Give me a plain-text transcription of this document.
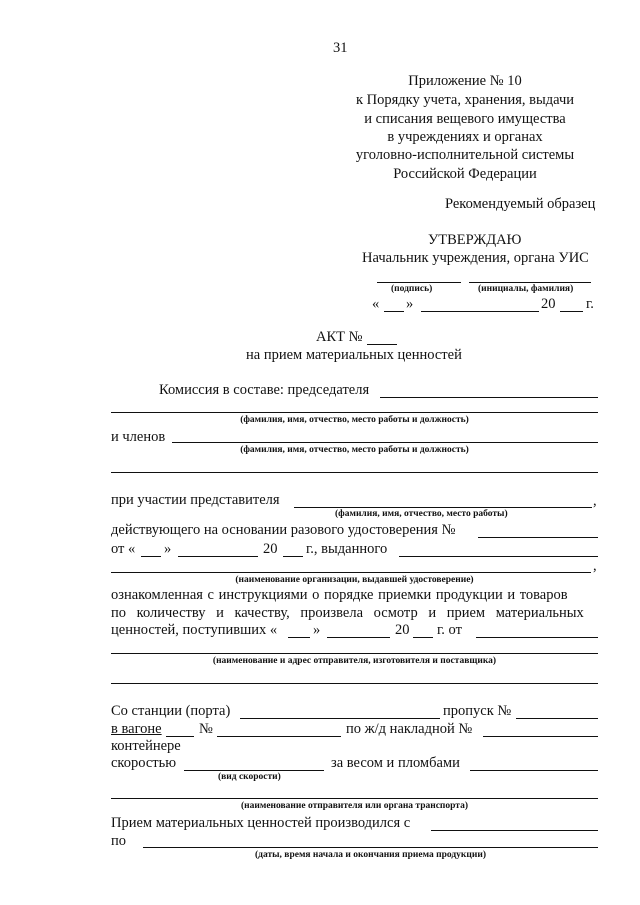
31
Приложение № 10
к Порядку учета, хранения, выдачи
и списания вещевого имущества
в учреждениях и органах
уголовно-исполнительной системы
Российской Федерации
Рекомендуемый образец
УТВЕРЖДАЮ
Начальник учреждения, органа УИС
(подпись)	(инициалы, фамилия)
« »	20 г.
АКТ №
на прием материальных ценностей
Комиссия в составе: председателя
(фамилия, имя, отчество, место работы и должность)
и членов
(фамилия, имя, отчество, место работы и должность)
при участии представителя	,
(фамилия, имя, отчество, место работы)
действующего на основании разового удостоверения №
от « »	20 г., выданного
,
(наименование организации, выдавшей удостоверение)
ознакомленная с инструкциями о порядке приемки продукции и товаров
по количеству и качеству, произвела осмотр и прием материальных
ценностей, поступивших « »	20 г. от
(наименование и адрес отправителя, изготовителя и поставщика)
Со станции (порта)	пропуск №
в вагоне	№	по ж/д накладной №
контейнере
скоростью	за весом и пломбами
(вид скорости)
(наименование отправителя или органа транспорта)
Прием материальных ценностей производился с
по
(даты, время начала и окончания приема продукции)
